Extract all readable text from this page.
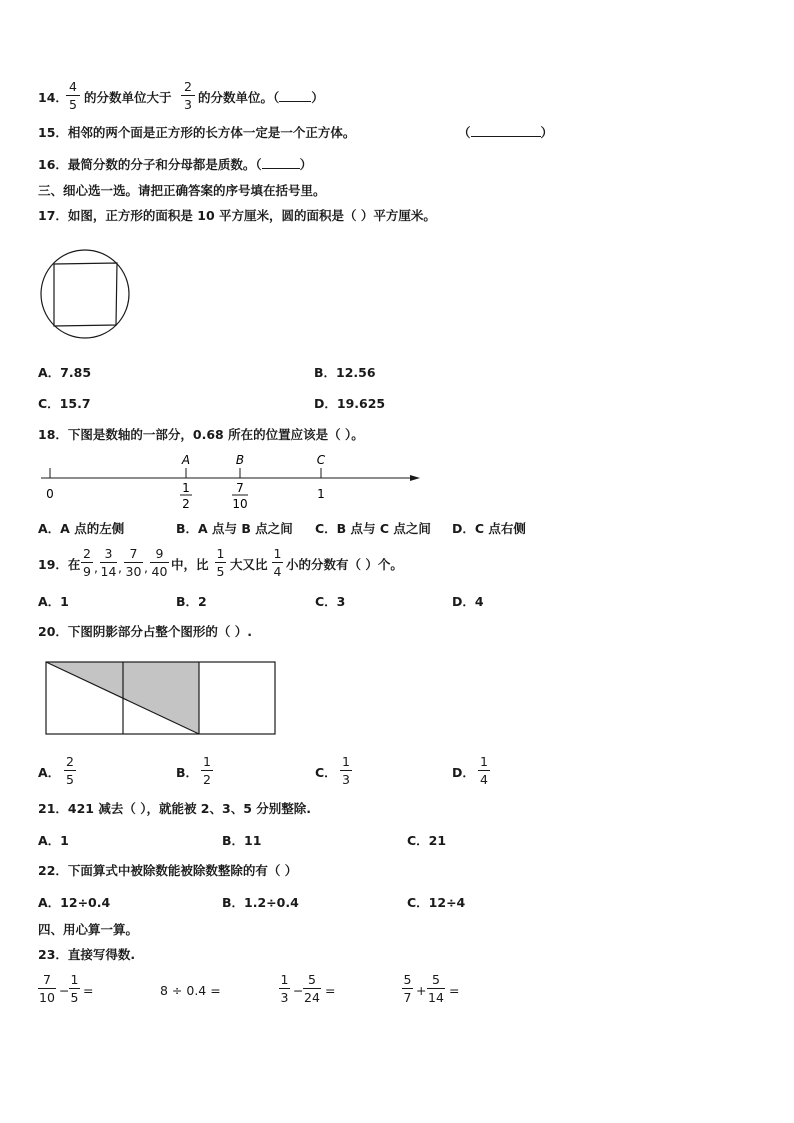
14．
4
5 的分数单位大于
2
3 的分数单位。（	）
15．相邻的两个面是正方形的长方体一定是一个正方体。	（	）
16．最简分数的分子和分母都是质数。（	）
三、细心选一选。请把正确答案的序号填在括号里。
17．如图，正方形的面积是 10 平方厘米，圆的面积是（ ）平方厘米。
A．7.85	B．12.56
C．15.7	D．19.625
18．下图是数轴的一部分，0.68 所在的位置应该是（ ）。
A	B	C
0	1
2
7
10
1
A．A 点的左侧	B．A 点与 B 点之间 C．B 点与 C 点之间 D．C 点右侧
19．在
2
9 ,
3
14 ,
7
30 ,
9
40 中，比
1
5 大又比
1
4 小的分数有（ ）个。
A．1	B．2	C．3	D．4
20．下图阴影部分占整个图形的（ ）.
A．
2
5	B．
1
2	C．
1
3	D．
1
4
21．421 减去（ ），就能被 2、3、5 分别整除.
A．1	B．11	C．21
22．下面算式中被除数能被除数整除的有（ ）
A．12÷0.4	B．1.2÷0.4	C．12÷4
四、用心算一算。
23．直接写得数.
7
10 −
1
5 =	8 ÷ 0.4 =
1
3 −
5
24 =
5
7 +
5
14 =
